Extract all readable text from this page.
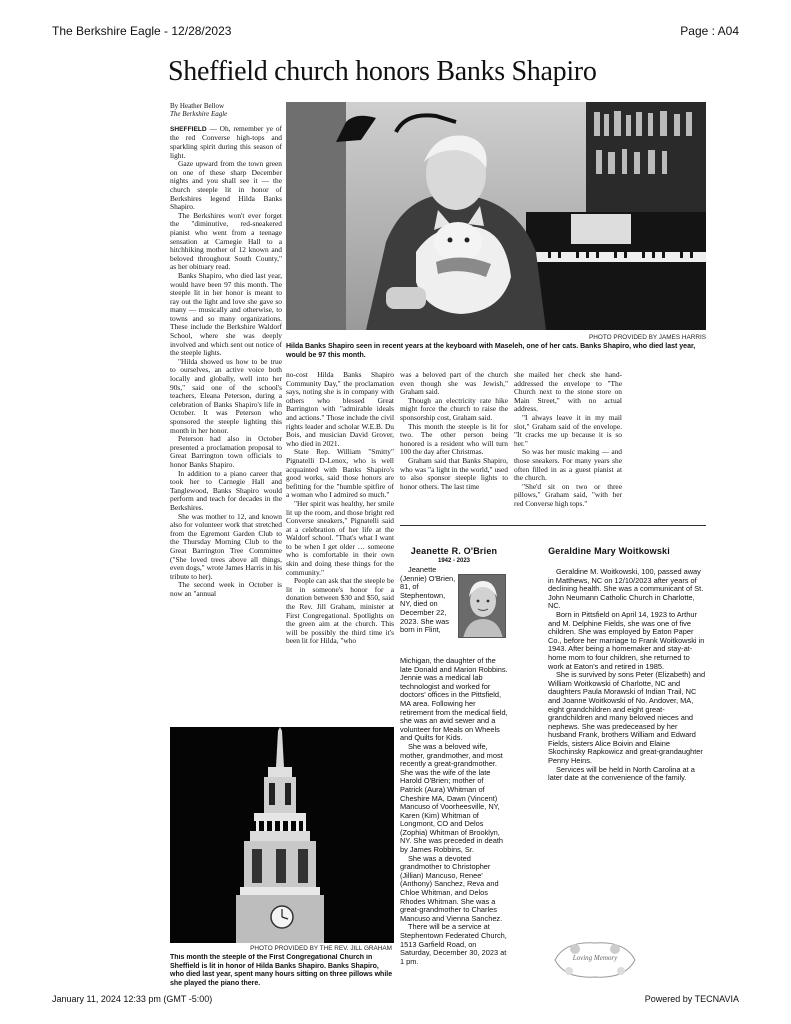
The Berkshire Eagle - 12/28/2023	Page : A04
Sheffield church honors Banks Shapiro

By Heather Bellow
The Berkshire Eagle

SHEFFIELD — Oh, remember ye of the red Converse high-tops and sparkling spirit during this season of light.

Gaze upward from the town green on one of these sharp December nights and you shall see it — the church steeple lit in honor of Berkshires legend Hilda Banks Shapiro.

The Berkshires won't ever forget the "diminutive, red-sneakered pianist who went from a teenage sensation at Carnegie Hall to a hitchhiking mother of 12 known and beloved throughout South County," as her obituary read.

Banks Shapiro, who died last year, would have been 97 this month. The steeple lit in her honor is meant to ray out the light and love she gave so many — musically and otherwise, to towns and so many organizations. These include the Berkshire Waldorf School, where she was deeply involved and which sent out notice of the steeple lights.

"Hilda showed us how to be true to ourselves, an active voice both locally and globally, well into her 90s," said one of the school's teachers, Eleana Peterson, during a celebration of Banks Shapiro's life in October. It was Peterson who sponsored the steeple lighting this month in her honor.

Peterson had also in October presented a proclamation proposal to Great Barrington town officials to honor Banks Shapiro.

In addition to a piano career that took her to Carnegie Hall and Tanglewood, Banks Shapiro would perform and teach for decades in the Berkshires.

She was mother to 12, and known also for volunteer work that stretched from the Egremont Garden Club to the Thursday Morning Club to the Great Barrington Tree Committee ("She loved trees above all things, even dogs," wrote James Harris in his tribute to her).

The second week in October is now an "annual

PHOTO PROVIDED BY JAMES HARRIS
Hilda Banks Shapiro seen in recent years at the keyboard with Maseleh, one of her cats. Banks Shapiro, who died last year, would be 97 this month.

no-cost Hilda Banks Shapiro Community Day," the proclamation says, noting she is in company with others who blessed Great Barrington with "admirable ideals and actions." Those include the civil rights leader and scholar W.E.B. Du Bois, and musician David Grover, who died in 2021.

State Rep. William "Smitty" Pignatelli D-Lenox, who is well acquainted with Banks Shapiro's good works, said those honors are befitting for the "humble spitfire of a woman who I admired so much."

"Her spirit was healthy, her smile lit up the room, and those bright red Converse sneakers," Pignatelli said at a celebration of her life at the Waldorf school. "That's what I want to be when I get older … someone who is comfortable in their own skin and doing these things for the community."

People can ask that the steeple be lit in someone's honor for a donation between $30 and $50, said the Rev. Jill Graham, minister at First Congregational. Spotlights on the green aim at the church. This will be possibly the third time it's been lit for Hilda, "who

was a beloved part of the church even though she was Jewish," Graham said.

Though an electricity rate hike might force the church to raise the sponsorship cost, Graham said.

This month the steeple is lit for two. The other person being honored is a resident who will turn 100 the day after Christmas.

Graham said that Banks Shapiro, who was "a light in the world," used to also sponsor steeple lights to honor others. The last time

she mailed her check she hand-addressed the envelope to "The Church next to the stone store on Main Street," with no actual address.

"I always leave it in my mail slot," Graham said of the envelope. "It cracks me up because it is so her."

So was her music making — and those sneakers. For many years she often filled in as a guest pianist at the church.

"She'd sit on two or three pillows," Graham said, "with her red Converse high tops."

PHOTO PROVIDED BY THE REV. JILL GRAHAM
This month the steeple of the First Congregational Church in Sheffield is lit in honor of Hilda Banks Shapiro. Banks Shapiro, who died last year, spent many hours sitting on three pillows while she played the piano there.
Jeanette R. O'Brien
1942 - 2023

Jeanette (Jennie) O'Brien, 81, of Stephentown, NY, died on December 22, 2023. She was born in Flint,

Michigan, the daughter of the late Donald and Marion Robbins. Jennie was a medical lab technologist and worked for doctors' offices in the Pittsfield, MA area. Following her retirement from the medical field, she was an avid sewer and a volunteer for Meals on Wheels and Quilts for Kids.

She was a beloved wife, mother, grandmother, and most recently a great-grandmother. She was the wife of the late Harold O'Brien; mother of Patrick (Aura) Whitman of Cheshire MA, Dawn (Vincent) Mancuso of Voorheesville, NY, Karen (Kim) Whitman of Longmont, CO and Delos (Zophia) Whitman of Brooklyn, NY. She was preceded in death by James Robbins, Sr.

She was a devoted grandmother to Christopher (Jillian) Mancuso, Renee' (Anthony) Sanchez, Reva and Chloe Whitman, and Delos Rhodes Whitman. She was a great-grandmother to Charles Mancuso and Vienna Sanchez.

There will be a service at Stephentown Federated Church, 1513 Garfield Road, on Saturday, December 30, 2023 at 1 pm.

Geraldine Mary Woitkowski

Geraldine M. Woitkowski, 100, passed away in Matthews, NC on 12/10/2023 after years of declining health. She was a communicant of St. John Neumann Catholic Church in Charlotte, NC.

Born in Pittsfield on April 14, 1923 to Arthur and M. Delphine Fields, she was one of five children. She was employed by Eaton Paper Co., before her marriage to Frank Woitkowski in 1943. After being a homemaker and stay-at-home mom to four children, she returned to work at Eaton's and retired in 1985.

She is survived by sons Peter (Elizabeth) and William Woitkowski of Charlotte, NC and daughters Paula Morawski of Indian Trail, NC and Joanne Woitkowski of No. Andover, MA, eight grandchildren and eight great-grandchildren and many beloved nieces and nephews. She was predeceased by her husband Frank, brothers William and Edward Fields, sisters Alice Boivin and Elaine Skochinsky Rapkowicz and great-grandaughter Penny Heins.

Services will be held in North Carolina at a later date at the convenience of the family.

Loving Memory
January 11, 2024 12:33 pm (GMT -5:00)	Powered by TECNAVIA
